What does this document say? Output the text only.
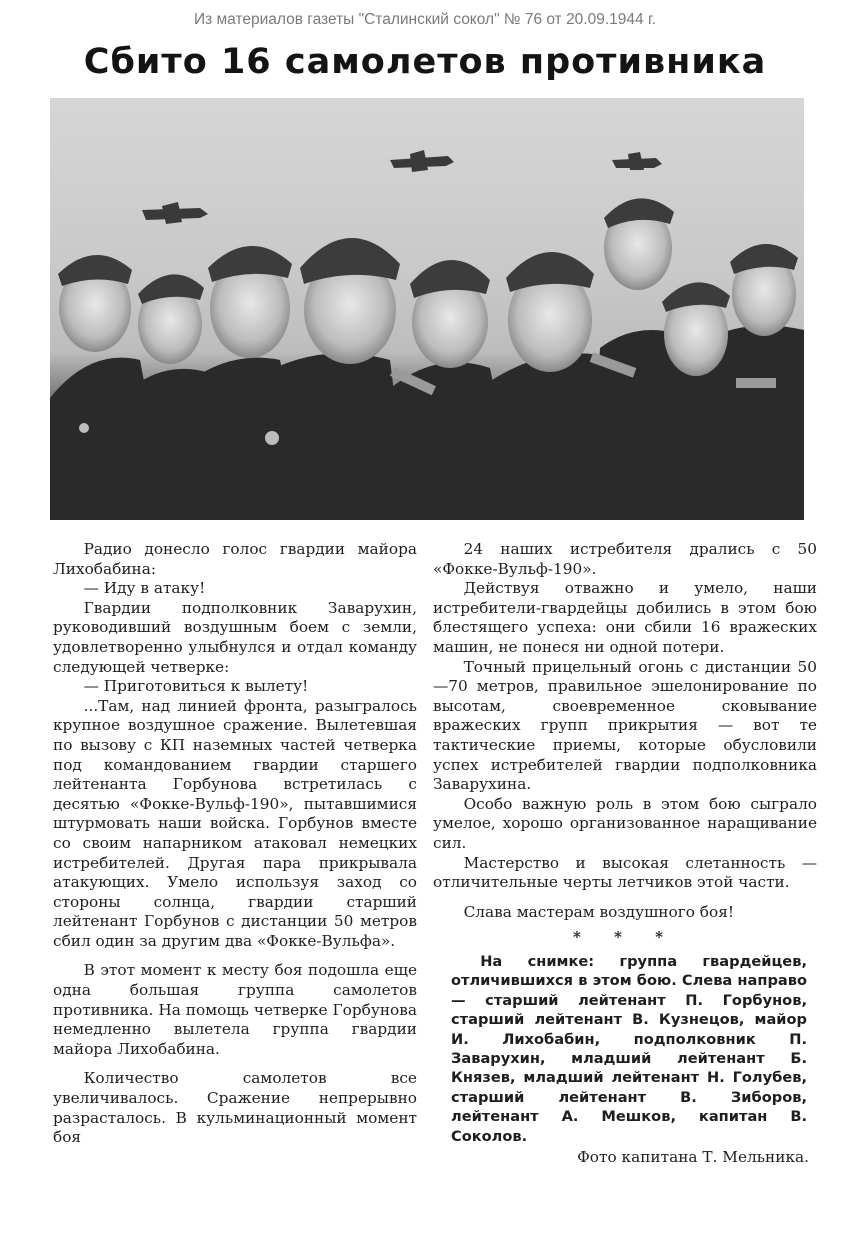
Из материалов газеты "Сталинский сокол" № 76 от 20.09.1944 г.
Сбито 16 самолетов противника

Радио донесло голос гвардии майора Лихобабина:

— Иду в атаку!

Гвардии подполковник Заварухин, руководивший воздушным боем с земли, удовлетворенно улыбнулся и отдал команду следующей четверке:

— Приготовиться к вылету!

...Там, над линией фронта, разыгралось крупное воздушное сражение. Вылетевшая по вызову с КП наземных частей четверка под командованием гвардии старшего лейтенанта Горбунова встретилась с десятью «Фокке-Вульф-190», пытавшимися штурмовать наши войска. Горбунов вместе со своим напарником атаковал немецких истребителей. Другая пара прикрывала атакующих. Умело используя заход со стороны солнца, гвардии старший лейтенант Горбунов с дистанции 50 метров сбил один за другим два «Фокке-Вульфа».

В этот момент к месту боя подошла еще одна большая группа самолетов противника. На помощь четверке Горбунова немедленно вылетела группа гвардии майора Лихобабина.

Количество самолетов все увеличивалось. Сражение непрерывно разрасталось. В кульминационный момент боя

24 наших истребителя дрались с 50 «Фокке-Вульф-190».

Действуя отважно и умело, наши истребители-гвардейцы добились в этом бою блестящего успеха: они сбили 16 вражеских машин, не понеся ни одной потери.

Точный прицельный огонь с дистанции 50—70 метров, правильное эшелонирование по высотам, своевременное сковывание вражеских групп прикрытия — вот те тактические приемы, которые обусловили успех истребителей гвардии подполковника Заварухина.

Особо важную роль в этом бою сыграло умелое, хорошо организованное наращивание сил.

Мастерство и высокая слетанность — отличительные черты летчиков этой части.

Слава мастерам воздушного боя!

* * *

На снимке: группа гвардейцев, отличившихся в этом бою. Слева направо — старший лейтенант П. Горбунов, старший лейтенант В. Кузнецов, майор И. Лихобабин, подполковник П. Заварухин, младший лейтенант Б. Князев, младший лейтенант Н. Голубев, старший лейтенант В. Зиборов, лейтенант А. Мешков, капитан В. Соколов.

Фото капитана Т. Мельника.
